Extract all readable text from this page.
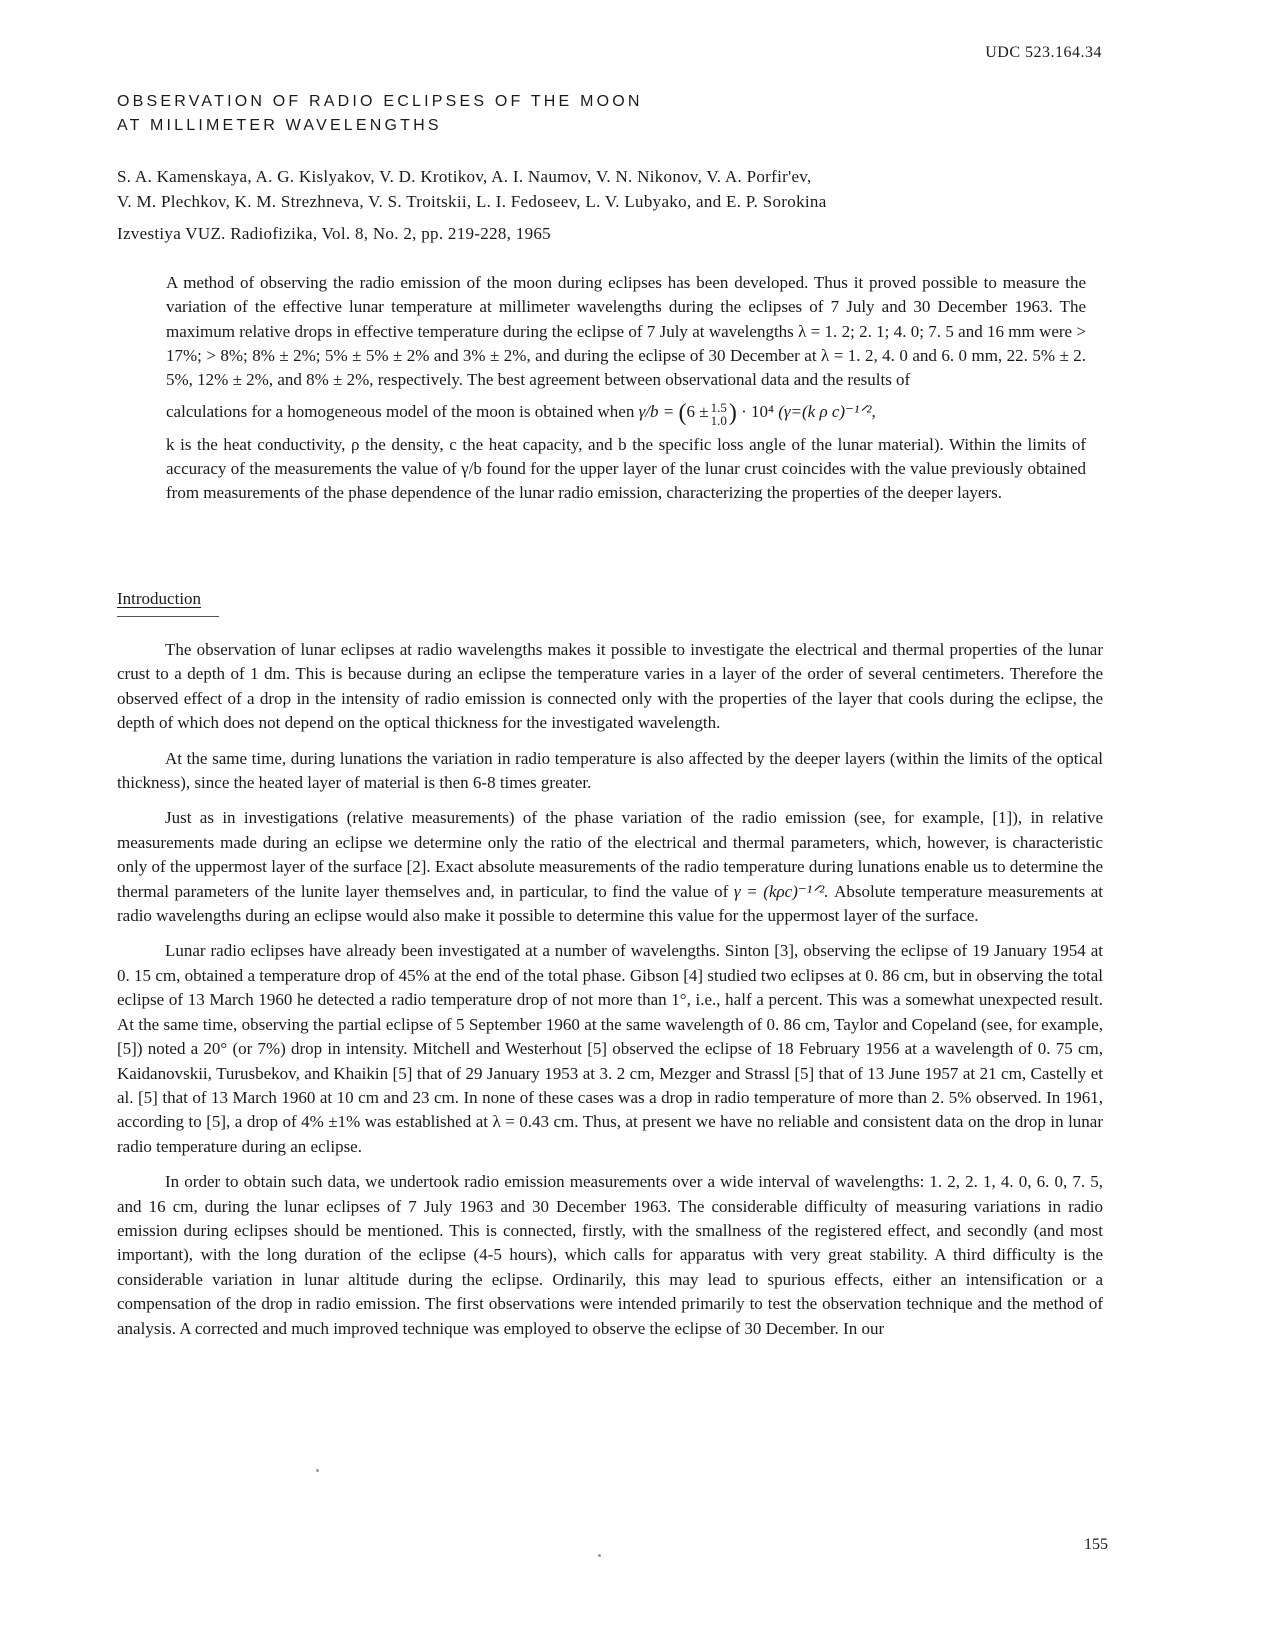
UDC 523.164.34
OBSERVATION OF RADIO ECLIPSES OF THE MOON
AT MILLIMETER WAVELENGTHS
S. A. Kamenskaya, A. G. Kislyakov, V. D. Krotikov, A. I. Naumov, V. N. Nikonov, V. A. Porfir'ev,
V. M. Plechkov, K. M. Strezhneva, V. S. Troitskii, L. I. Fedoseev, L. V. Lubyako, and E. P. Sorokina
Izvestiya VUZ. Radiofizika, Vol. 8, No. 2, pp. 219-228, 1965

A method of observing the radio emission of the moon during eclipses has been developed. Thus it proved possible to measure the variation of the effective lunar temperature at millimeter wavelengths during the eclipses of 7 July and 30 December 1963. The maximum relative drops in effective temperature during the eclipse of 7 July at wavelengths λ = 1. 2; 2. 1; 4. 0; 7. 5 and 16 mm were > 17%; > 8%; 8% ± 2%; 5% ± 5% ± 2% and 3% ± 2%, and during the eclipse of 30 December at λ = 1. 2, 4. 0 and 6. 0 mm, 22. 5% ± 2. 5%, 12% ± 2%, and 8% ± 2%, respectively. The best agreement between observational data and the results of

calculations for a homogeneous model of the moon is obtained when γ/b = (6 ± 1.5
1.0 ) · 10⁴ (γ=(k ρ c)⁻¹ᐟ²,

k is the heat conductivity, ρ the density, c the heat capacity, and b the specific loss angle of the lunar material). Within the limits of accuracy of the measurements the value of γ/b found for the upper layer of the lunar crust coincides with the value previously obtained from measurements of the phase dependence of the lunar radio emission, characterizing the properties of the deeper layers.

Introduction

The observation of lunar eclipses at radio wavelengths makes it possible to investigate the electrical and thermal properties of the lunar crust to a depth of 1 dm. This is because during an eclipse the temperature varies in a layer of the order of several centimeters. Therefore the observed effect of a drop in the intensity of radio emission is connected only with the properties of the layer that cools during the eclipse, the depth of which does not depend on the optical thickness for the investigated wavelength.

At the same time, during lunations the variation in radio temperature is also affected by the deeper layers (within the limits of the optical thickness), since the heated layer of material is then 6-8 times greater.

Just as in investigations (relative measurements) of the phase variation of the radio emission (see, for example, [1]), in relative measurements made during an eclipse we determine only the ratio of the electrical and thermal parameters, which, however, is characteristic only of the uppermost layer of the surface [2]. Exact absolute measurements of the radio temperature during lunations enable us to determine the thermal parameters of the lunite layer themselves and, in particular, to find the value of γ = (kρc)⁻¹ᐟ². Absolute temperature measurements at radio wavelengths during an eclipse would also make it possible to determine this value for the uppermost layer of the surface.

Lunar radio eclipses have already been investigated at a number of wavelengths. Sinton [3], observing the eclipse of 19 January 1954 at 0. 15 cm, obtained a temperature drop of 45% at the end of the total phase. Gibson [4] studied two eclipses at 0. 86 cm, but in observing the total eclipse of 13 March 1960 he detected a radio temperature drop of not more than 1°, i.e., half a percent. This was a somewhat unexpected result. At the same time, observing the partial eclipse of 5 September 1960 at the same wavelength of 0. 86 cm, Taylor and Copeland (see, for example, [5]) noted a 20° (or 7%) drop in intensity. Mitchell and Westerhout [5] observed the eclipse of 18 February 1956 at a wavelength of 0. 75 cm, Kaidanovskii, Turusbekov, and Khaikin [5] that of 29 January 1953 at 3. 2 cm, Mezger and Strassl [5] that of 13 June 1957 at 21 cm, Castelly et al. [5] that of 13 March 1960 at 10 cm and 23 cm. In none of these cases was a drop in radio temperature of more than 2. 5% observed. In 1961, according to [5], a drop of 4% ±1% was established at λ = 0.43 cm. Thus, at present we have no reliable and consistent data on the drop in lunar radio temperature during an eclipse.

In order to obtain such data, we undertook radio emission measurements over a wide interval of wavelengths: 1. 2, 2. 1, 4. 0, 6. 0, 7. 5, and 16 cm, during the lunar eclipses of 7 July 1963 and 30 December 1963. The considerable difficulty of measuring variations in radio emission during eclipses should be mentioned. This is connected, firstly, with the smallness of the registered effect, and secondly (and most important), with the long duration of the eclipse (4-5 hours), which calls for apparatus with very great stability. A third difficulty is the considerable variation in lunar altitude during the eclipse. Ordinarily, this may lead to spurious effects, either an intensification or a compensation of the drop in radio emission. The first observations were intended primarily to test the observation technique and the method of analysis. A corrected and much improved technique was employed to observe the eclipse of 30 December. In our

155
